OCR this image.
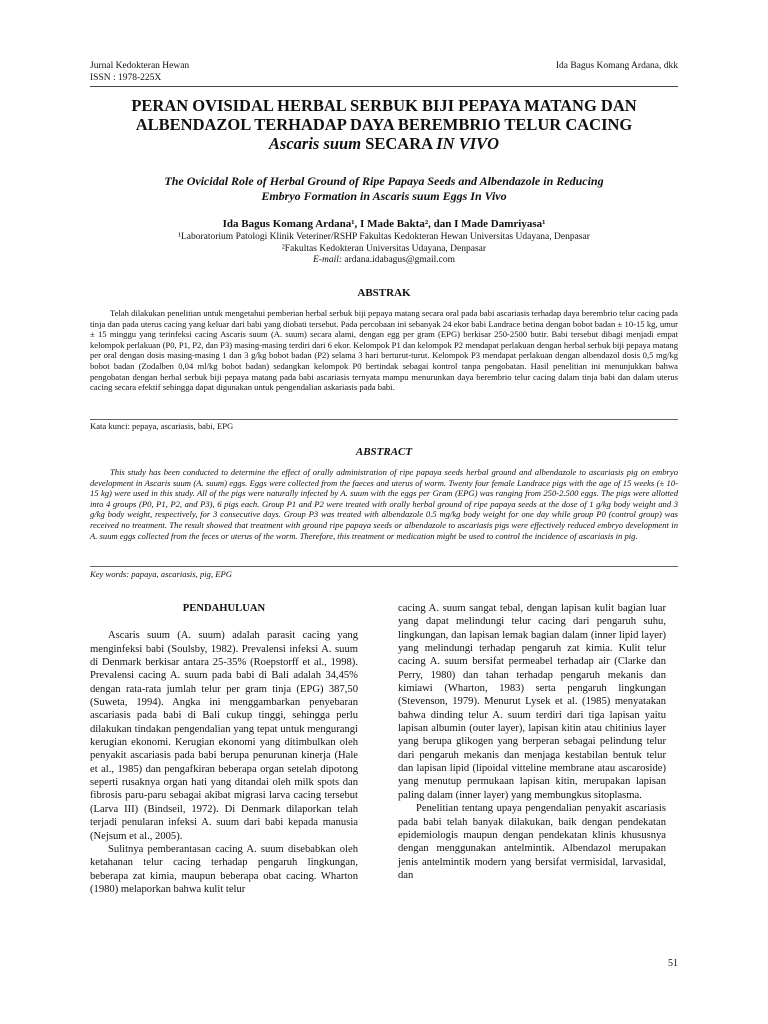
Jurnal Kedokteran Hewan
ISSN : 1978-225X
Ida Bagus Komang Ardana, dkk
PERAN OVISIDAL HERBAL SERBUK BIJI PEPAYA MATANG DAN
ALBENDAZOL TERHADAP DAYA BEREMBRIO TELUR CACING
Ascaris suum SECARA IN VIVO
The Ovicidal Role of Herbal Ground of Ripe Papaya Seeds and Albendazole in Reducing
Embryo Formation in Ascaris suum Eggs In Vivo
Ida Bagus Komang Ardana¹, I Made Bakta², dan I Made Damriyasa¹
¹Laboratorium Patologi Klinik Veteriner/RSHP Fakultas Kedokteran Hewan Universitas Udayana, Denpasar
²Fakultas Kedokteran Universitas Udayana, Denpasar
E-mail: ardana.idabagus@gmail.com
ABSTRAK
Telah dilakukan penelitian untuk mengetahui pemberian herbal serbuk biji pepaya matang secara oral pada babi ascariasis terhadap daya berembrio telur cacing pada tinja dan pada uterus cacing yang keluar dari babi yang diobati tersebut. Pada percobaan ini sebanyak 24 ekor babi Landrace betina dengan bobot badan ± 10-15 kg, umur ± 15 minggu yang terinfeksi cacing Ascaris suum (A. suum) secara alami, dengan egg per gram (EPG) berkisar 250-2500 butir. Babi tersebut dibagi menjadi empat kelompok perlakuan (P0, P1, P2, dan P3) masing-masing terdiri dari 6 ekor. Kelompok P1 dan kelompok P2 mendapat perlakuan dengan herbal serbuk biji pepaya matang per oral dengan dosis masing-masing 1 dan 3 g/kg bobot badan (P2) selama 3 hari berturut-turut. Kelompok P3 mendapat perlakuan dengan albendazol dosis 0,5 mg/kg bobot badan (Zodalben 0,04 ml/kg bobot badan) sedangkan kelompok P0 bertindak sebagai kontrol tanpa pengobatan. Hasil penelitian ini menunjukkan bahwa pengobatan dengan herbal serbuk biji pepaya matang pada babi ascariasis ternyata mampu menurunkan daya berembrio telur cacing dalam tinja babi dan dalam uterus cacing secara efektif sehingga dapat digunakan untuk pengendalian askariasis pada babi.
Kata kunci: pepaya, ascariasis, babi, EPG
ABSTRACT
This study has been conducted to determine the effect of orally administration of ripe papaya seeds herbal ground and albendazole to ascariasis pig on embryo development in Ascaris suum (A. suum) eggs. Eggs were collected from the faeces and uterus of worm. Twenty four female Landrace pigs with the age of 15 weeks (± 10-15 kg) were used in this study. All of the pigs were naturally infected by A. suum with the eggs per Gram (EPG) was ranging from 250-2.500 eggs. The pigs were allotted into 4 groups (P0, P1, P2, and P3), 6 pigs each. Group P1 and P2 were treated with orally herbal ground of ripe papaya seeds at the dose of 1 g/kg body weight and 3 g/kg body weight, respectively, for 3 consecutive days. Group P3 was treated with albendazole 0.5 mg/kg body weight for one day while group P0 (control group) was received no treatment. The result showed that treatment with ground ripe papaya seeds or albendazole to ascariasis pigs were effectively reduced embryo development in A. suum eggs collected from the feces or uterus of the worm. Therefore, this treatment or medication might be used to control the incidence of ascariasis in pig.
Key words: papaya, ascariasis, pig, EPG

PENDAHULUAN

Ascaris suum (A. suum) adalah parasit cacing yang menginfeksi babi (Soulsby, 1982). Prevalensi infeksi A. suum di Denmark berkisar antara 25-35% (Roepstorff et al., 1998). Prevalensi cacing A. suum pada babi di Bali adalah 34,45% dengan rata-rata jumlah telur per gram tinja (EPG) 387,50 (Suweta, 1994). Angka ini menggambarkan penyebaran ascariasis pada babi di Bali cukup tinggi, sehingga perlu dilakukan tindakan pengendalian yang tepat untuk mengurangi kerugian ekonomi. Kerugian ekonomi yang ditimbulkan oleh penyakit ascariasis pada babi berupa penurunan kinerja (Hale et al., 1985) dan pengafkiran beberapa organ setelah dipotong seperti rusaknya organ hati yang ditandai oleh milk spots dan fibrosis paru-paru sebagai akibat migrasi larva cacing tersebut (Larva III) (Bindseil, 1972). Di Denmark dilaporkan telah terjadi penularan infeksi A. suum dari babi kepada manusia (Nejsum et al., 2005).

Sulitnya pemberantasan cacing A. suum disebabkan oleh ketahanan telur cacing terhadap pengaruh lingkungan, beberapa zat kimia, maupun beberapa obat cacing. Wharton (1980) melaporkan bahwa kulit telur

cacing A. suum sangat tebal, dengan lapisan kulit bagian luar yang dapat melindungi telur cacing dari pengaruh suhu, lingkungan, dan lapisan lemak bagian dalam (inner lipid layer) yang melindungi terhadap pengaruh zat kimia. Kulit telur cacing A. suum bersifat permeabel terhadap air (Clarke dan Perry, 1980) dan tahan terhadap pengaruh mekanis dan kimiawi (Wharton, 1983) serta pengaruh lingkungan (Stevenson, 1979). Menurut Lysek et al. (1985) menyatakan bahwa dinding telur A. suum terdiri dari tiga lapisan yaitu lapisan albumin (outer layer), lapisan kitin atau chitinius layer yang berupa glikogen yang berperan sebagai pelindung telur dari pengaruh mekanis dan menjaga kestabilan bentuk telur dan lapisan lipid (lipoidal vitteline membrane atau ascaroside) yang menutup permukaan lapisan kitin, merupakan lapisan paling dalam (inner layer) yang membungkus sitoplasma.

Penelitian tentang upaya pengendalian penyakit ascariasis pada babi telah banyak dilakukan, baik dengan pendekatan epidemiologis maupun dengan pendekatan klinis khususnya dengan menggunakan antelmintik. Albendazol merupakan jenis antelmintik modern yang bersifat vermisidal, larvasidal, dan

51
